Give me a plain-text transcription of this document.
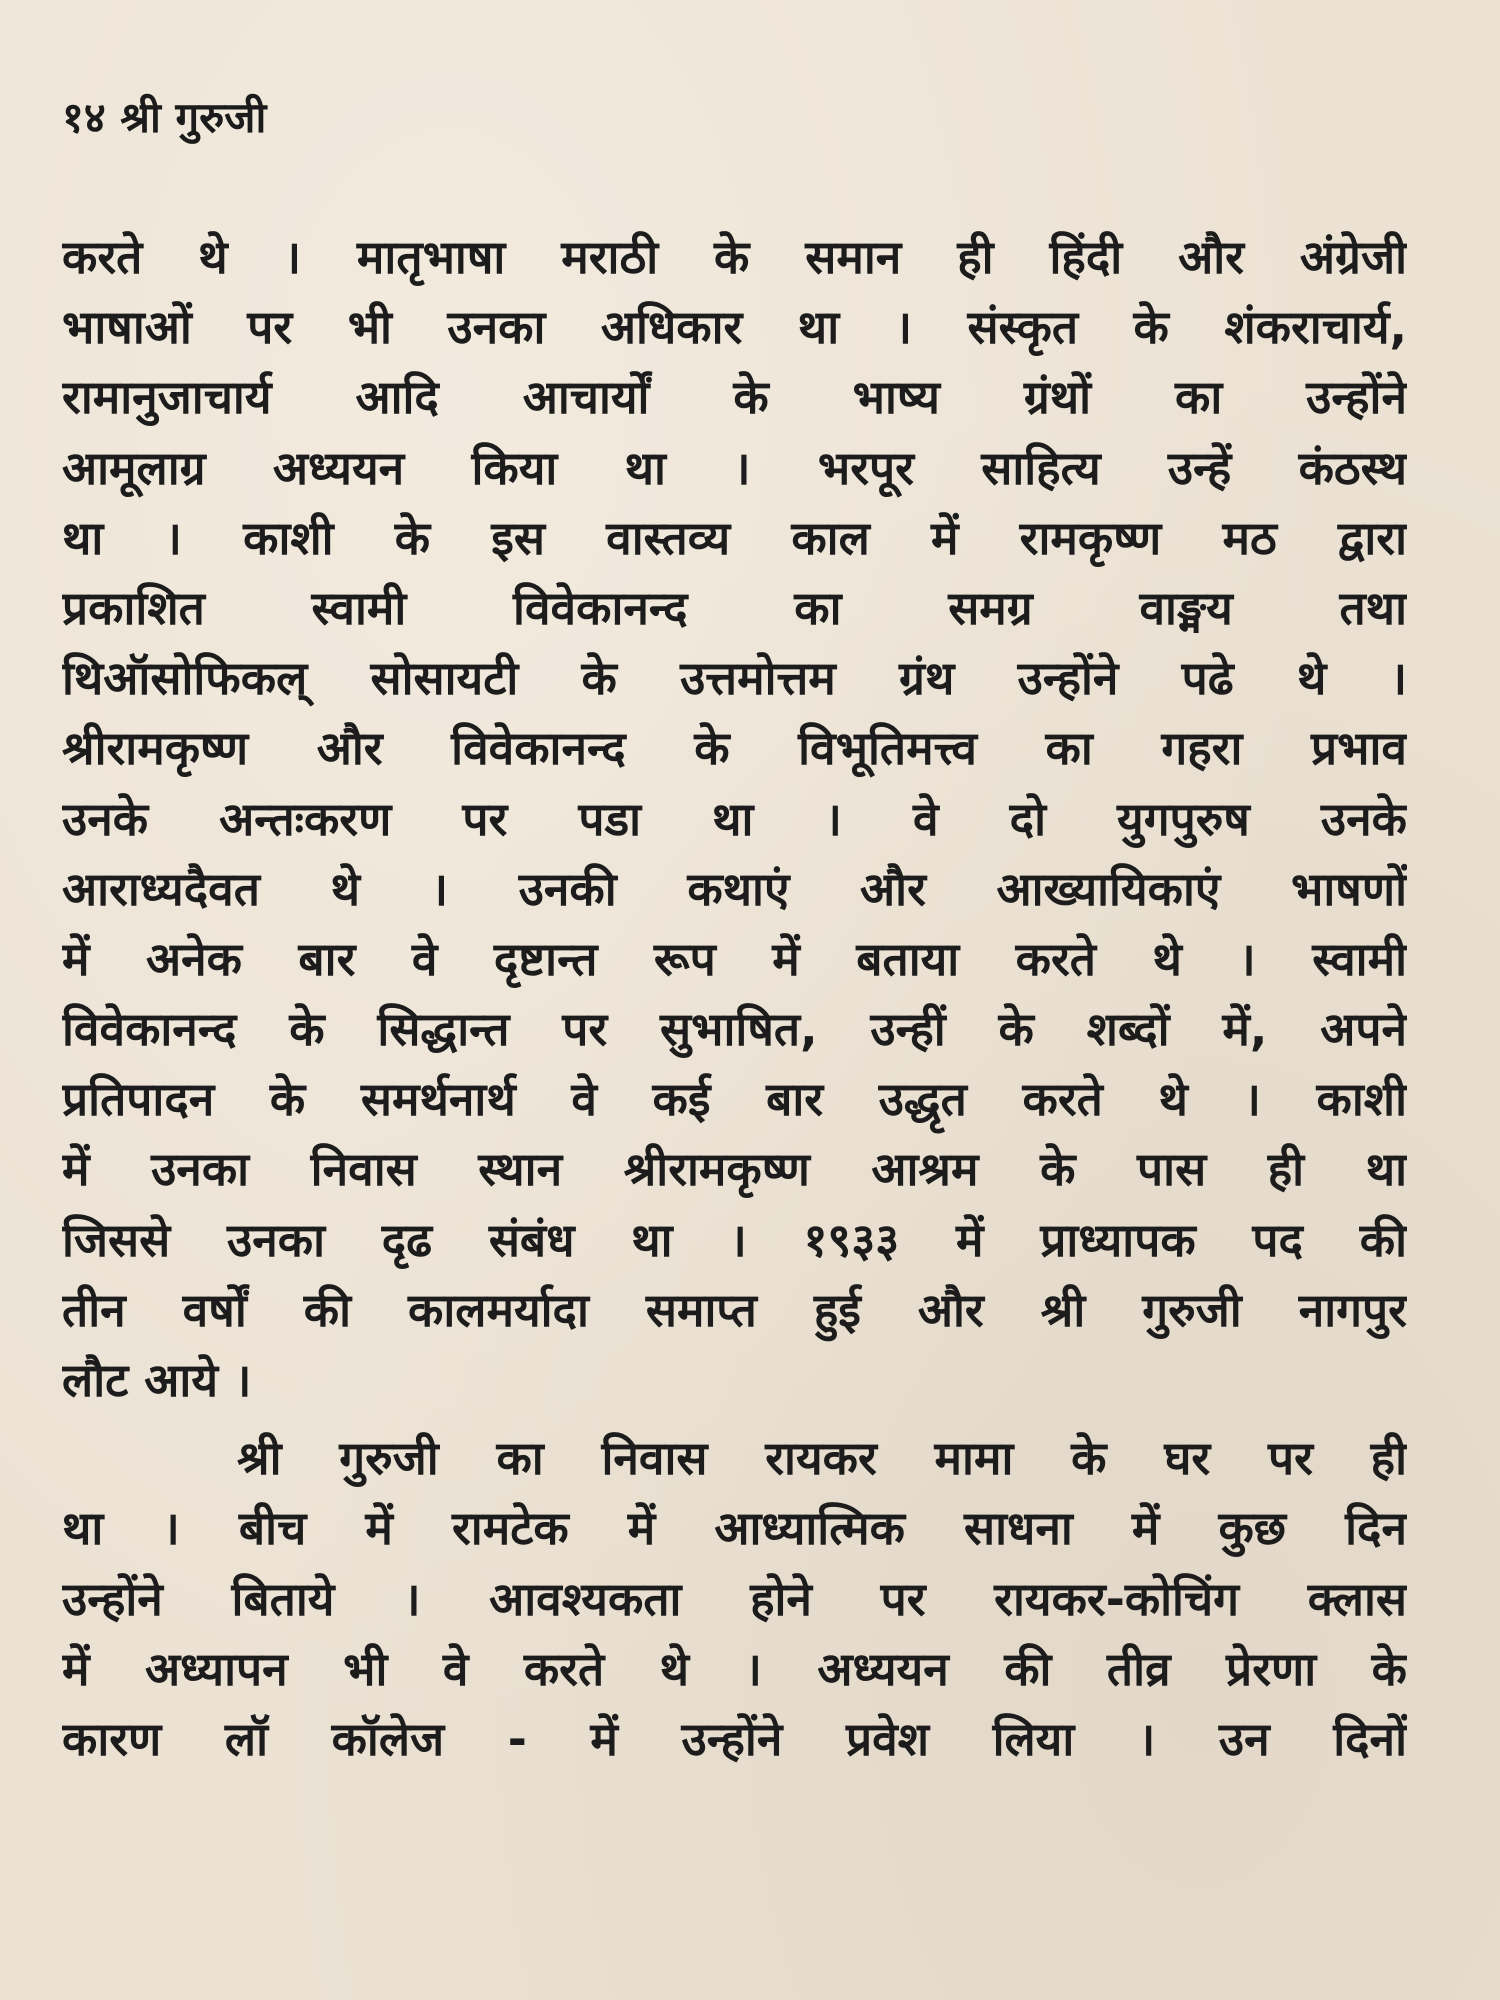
१४ श्री गुरुजी
करते थे । मातृभाषा मराठी के समान ही हिंदी और अंग्रेजी
भाषाओं पर भी उनका अधिकार था । संस्कृत के शंकराचार्य,
रामानुजाचार्य आदि आचार्यों के भाष्य ग्रंथों का उन्होंने
आमूलाग्र अध्ययन किया था । भरपूर साहित्य उन्हें कंठस्थ
था । काशी के इस वास्तव्य काल में रामकृष्ण मठ द्वारा
प्रकाशित स्वामी विवेकानन्द का समग्र वाङ्मय तथा
थिऑसोफिकल् सोसायटी के उत्तमोत्तम ग्रंथ उन्होंने पढे थे ।
श्रीरामकृष्ण और विवेकानन्द के विभूतिमत्त्व का गहरा प्रभाव
उनके अन्तःकरण पर पडा था । वे दो युगपुरुष उनके
आराध्यदैवत थे । उनकी कथाएं और आख्यायिकाएं भाषणों
में अनेक बार वे दृष्टान्त रूप में बताया करते थे । स्वामी
विवेकानन्द के सिद्धान्त पर सुभाषित, उन्हीं के शब्दों में, अपने
प्रतिपादन के समर्थनार्थ वे कई बार उद्धृत करते थे । काशी
में उनका निवास स्थान श्रीरामकृष्ण आश्रम के पास ही था
जिससे उनका दृढ संबंध था । १९३३ में प्राध्यापक पद की
तीन वर्षों की कालमर्यादा समाप्त हुई और श्री गुरुजी नागपुर
लौट आये ।
श्री गुरुजी का निवास रायकर मामा के घर पर ही
था । बीच में रामटेक में आध्यात्मिक साधना में कुछ दिन
उन्होंने बिताये । आवश्यकता होने पर रायकर-कोचिंग क्लास
में अध्यापन भी वे करते थे । अध्ययन की तीव्र प्रेरणा के
कारण लॉ कॉलेज - में उन्होंने प्रवेश लिया । उन दिनों
